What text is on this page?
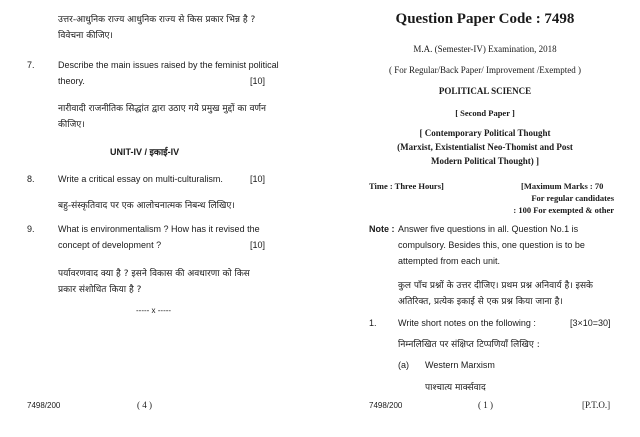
उत्तर-आधुनिक राज्य आधुनिक राज्य से किस प्रकार भिन्न है ?
विवेचना कीजिए।
7.	Describe the main issues raised by the feminist political
theory.	[10]
नारीवादी राजनीतिक सिद्धांत द्वारा उठाए गये प्रमुख मुद्दों का वर्णन
कीजिए।
UNIT-IV / इकाई-IV
8.	Write a critical essay on multi-culturalism.	[10]
बहु-संस्कृतिवाद पर एक आलोचनात्मक निबन्ध लिखिए।
9.	What is environmentalism ? How has it revised the
concept of development ?	[10]
पर्यावरणवाद क्या है ? इसने विकास की अवधारणा को किस
प्रकार संशोधित किया है ?
----- x -----
7498/200	( 4 )
Question Paper Code : 7498
M.A. (Semester-IV) Examination, 2018
( For Regular/Back Paper/ Improvement /Exempted )
POLITICAL SCIENCE
[ Second Paper ]
[ Contemporary Political Thought
(Marxist, Existentialist Neo-Thomist and Post
Modern Political Thought) ]
Time : Three Hours]	[Maximum Marks : 70
For regular candidates
: 100 For exempted & other
Note : Answer five questions in all. Question No.1 is
compulsory. Besides this, one question is to be
attempted from each unit.
कुल पाँच प्रश्नों के उत्तर दीजिए। प्रथम प्रश्न अनिवार्य है। इसके
अतिरिक्त, प्रत्येक इकाई से एक प्रश्न किया जाना है।
1. Write short notes on the following :	[3×10=30]
निम्नलिखित पर संक्षिप्त टिप्पणियाँ लिखिए :
(a) Western Marxism
पाश्चात्य मार्क्सवाद
7498/200	( 1 )	[P.T.O.]
